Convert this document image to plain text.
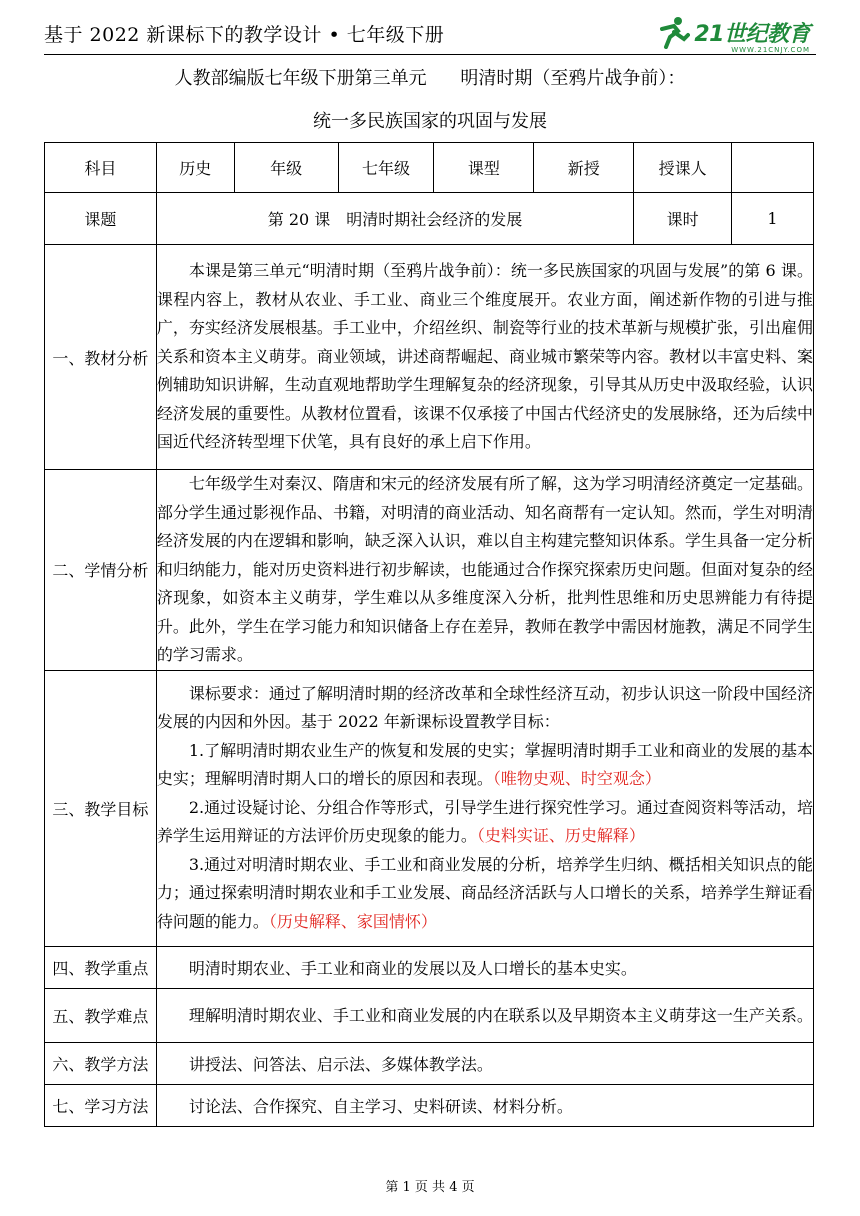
基于 2022 新课标下的教学设计 • 七年级下册	21世纪教育
WWW.21CNJY.COM
人教部编版七年级下册第三单元 明清时期（至鸦片战争前）：
统一多民族国家的巩固与发展
科目	历史	年级	七年级	课型	新授	授课人	
课题	第 20 课　明清时期社会经济的发展					课时	1
一、教材分析	本课是第三单元“明清时期（至鸦片战争前）：统一多民族国家的巩固与发展”的第 6 课。课程内容上，教材从农业、手工业、商业三个维度展开。农业方面，阐述新作物的引进与推广，夯实经济发展根基。手工业中，介绍丝织、制瓷等行业的技术革新与规模扩张，引出雇佣关系和资本主义萌芽。商业领域，讲述商帮崛起、商业城市繁荣等内容。教材以丰富史料、案例辅助知识讲解，生动直观地帮助学生理解复杂的经济现象，引导其从历史中汲取经验，认识经济发展的重要性。从教材位置看，该课不仅承接了中国古代经济史的发展脉络，还为后续中国近代经济转型埋下伏笔，具有良好的承上启下作用。						
二、学情分析	七年级学生对秦汉、隋唐和宋元的经济发展有所了解，这为学习明清经济奠定一定基础。部分学生通过影视作品、书籍，对明清的商业活动、知名商帮有一定认知。然而，学生对明清经济发展的内在逻辑和影响，缺乏深入认识，难以自主构建完整知识体系。学生具备一定分析和归纳能力，能对历史资料进行初步解读，也能通过合作探究探索历史问题。但面对复杂的经济现象，如资本主义萌芽，学生难以从多维度深入分析，批判性思维和历史思辨能力有待提升。此外，学生在学习能力和知识储备上存在差异，教师在教学中需因材施教，满足不同学生的学习需求。						
三、教学目标	课标要求：通过了解明清时期的经济改革和全球性经济互动，初步认识这一阶段中国经济发展的内因和外因。基于 2022 年新课标设置教学目标：

1.了解明清时期农业生产的恢复和发展的史实；掌握明清时期手工业和商业的发展的基本史实；理解明清时期人口的增长的原因和表现。（唯物史观、时空观念）

2.通过设疑讨论、分组合作等形式，引导学生进行探究性学习。通过查阅资料等活动，培养学生运用辩证的方法评价历史现象的能力。（史料实证、历史解释）

3.通过对明清时期农业、手工业和商业发展的分析，培养学生归纳、概括相关知识点的能力；通过探索明清时期农业和手工业发展、商品经济活跃与人口增长的关系，培养学生辩证看待问题的能力。（历史解释、家国情怀）						

四、教学重点	明清时期农业、手工业和商业的发展以及人口增长的基本史实。						
五、教学难点	理解明清时期农业、手工业和商业发展的内在联系以及早期资本主义萌芽这一生产关系。						
六、教学方法	讲授法、问答法、启示法、多媒体教学法。						
七、学习方法	讨论法、合作探究、自主学习、史料研读、材料分析。						
第 1 页 共 4 页
